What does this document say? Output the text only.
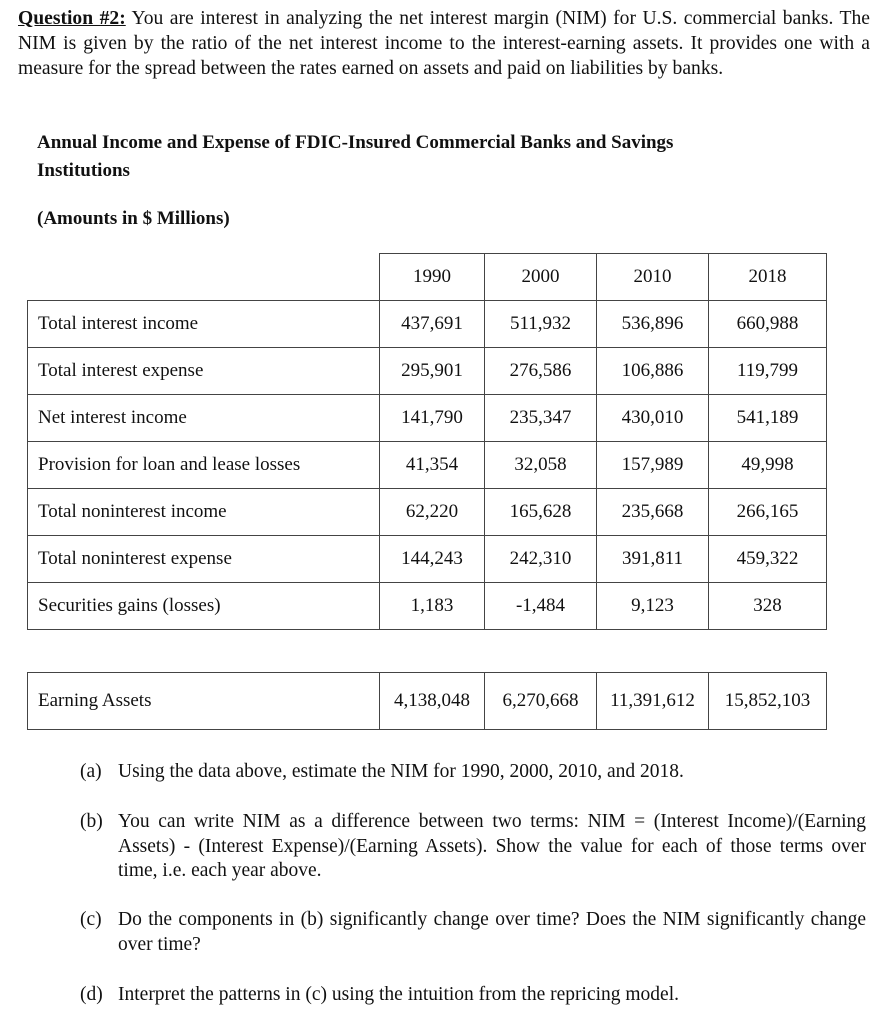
Question #2: You are interest in analyzing the net interest margin (NIM) for U.S. commercial banks. The NIM is given by the ratio of the net interest income to the interest-earning assets. It provides one with a measure for the spread between the rates earned on assets and paid on liabilities by banks.
Annual Income and Expense of FDIC-Insured Commercial Banks and Savings
Institutions
(Amounts in $ Millions)
	1990	2000	2010	2018
Total interest income	437,691	511,932	536,896	660,988
Total interest expense	295,901	276,586	106,886	119,799
Net interest income	141,790	235,347	430,010	541,189
Provision for loan and lease losses	41,354	32,058	157,989	49,998
Total noninterest income	62,220	165,628	235,668	266,165
Total noninterest expense	144,243	242,310	391,811	459,322
Securities gains (losses)	1,183	-1,484	9,123	328
Earning Assets	4,138,048	6,270,668	11,391,612	15,852,103
(a) Using the data above, estimate the NIM for 1990, 2000, 2010, and 2018.
(b) You can write NIM as a difference between two terms: NIM = (Interest Income)/(Earning Assets) - (Interest Expense)/(Earning Assets). Show the value for each of those terms over time, i.e. each year above.
(c) Do the components in (b) significantly change over time? Does the NIM significantly change over time?
(d) Interpret the patterns in (c) using the intuition from the repricing model.
